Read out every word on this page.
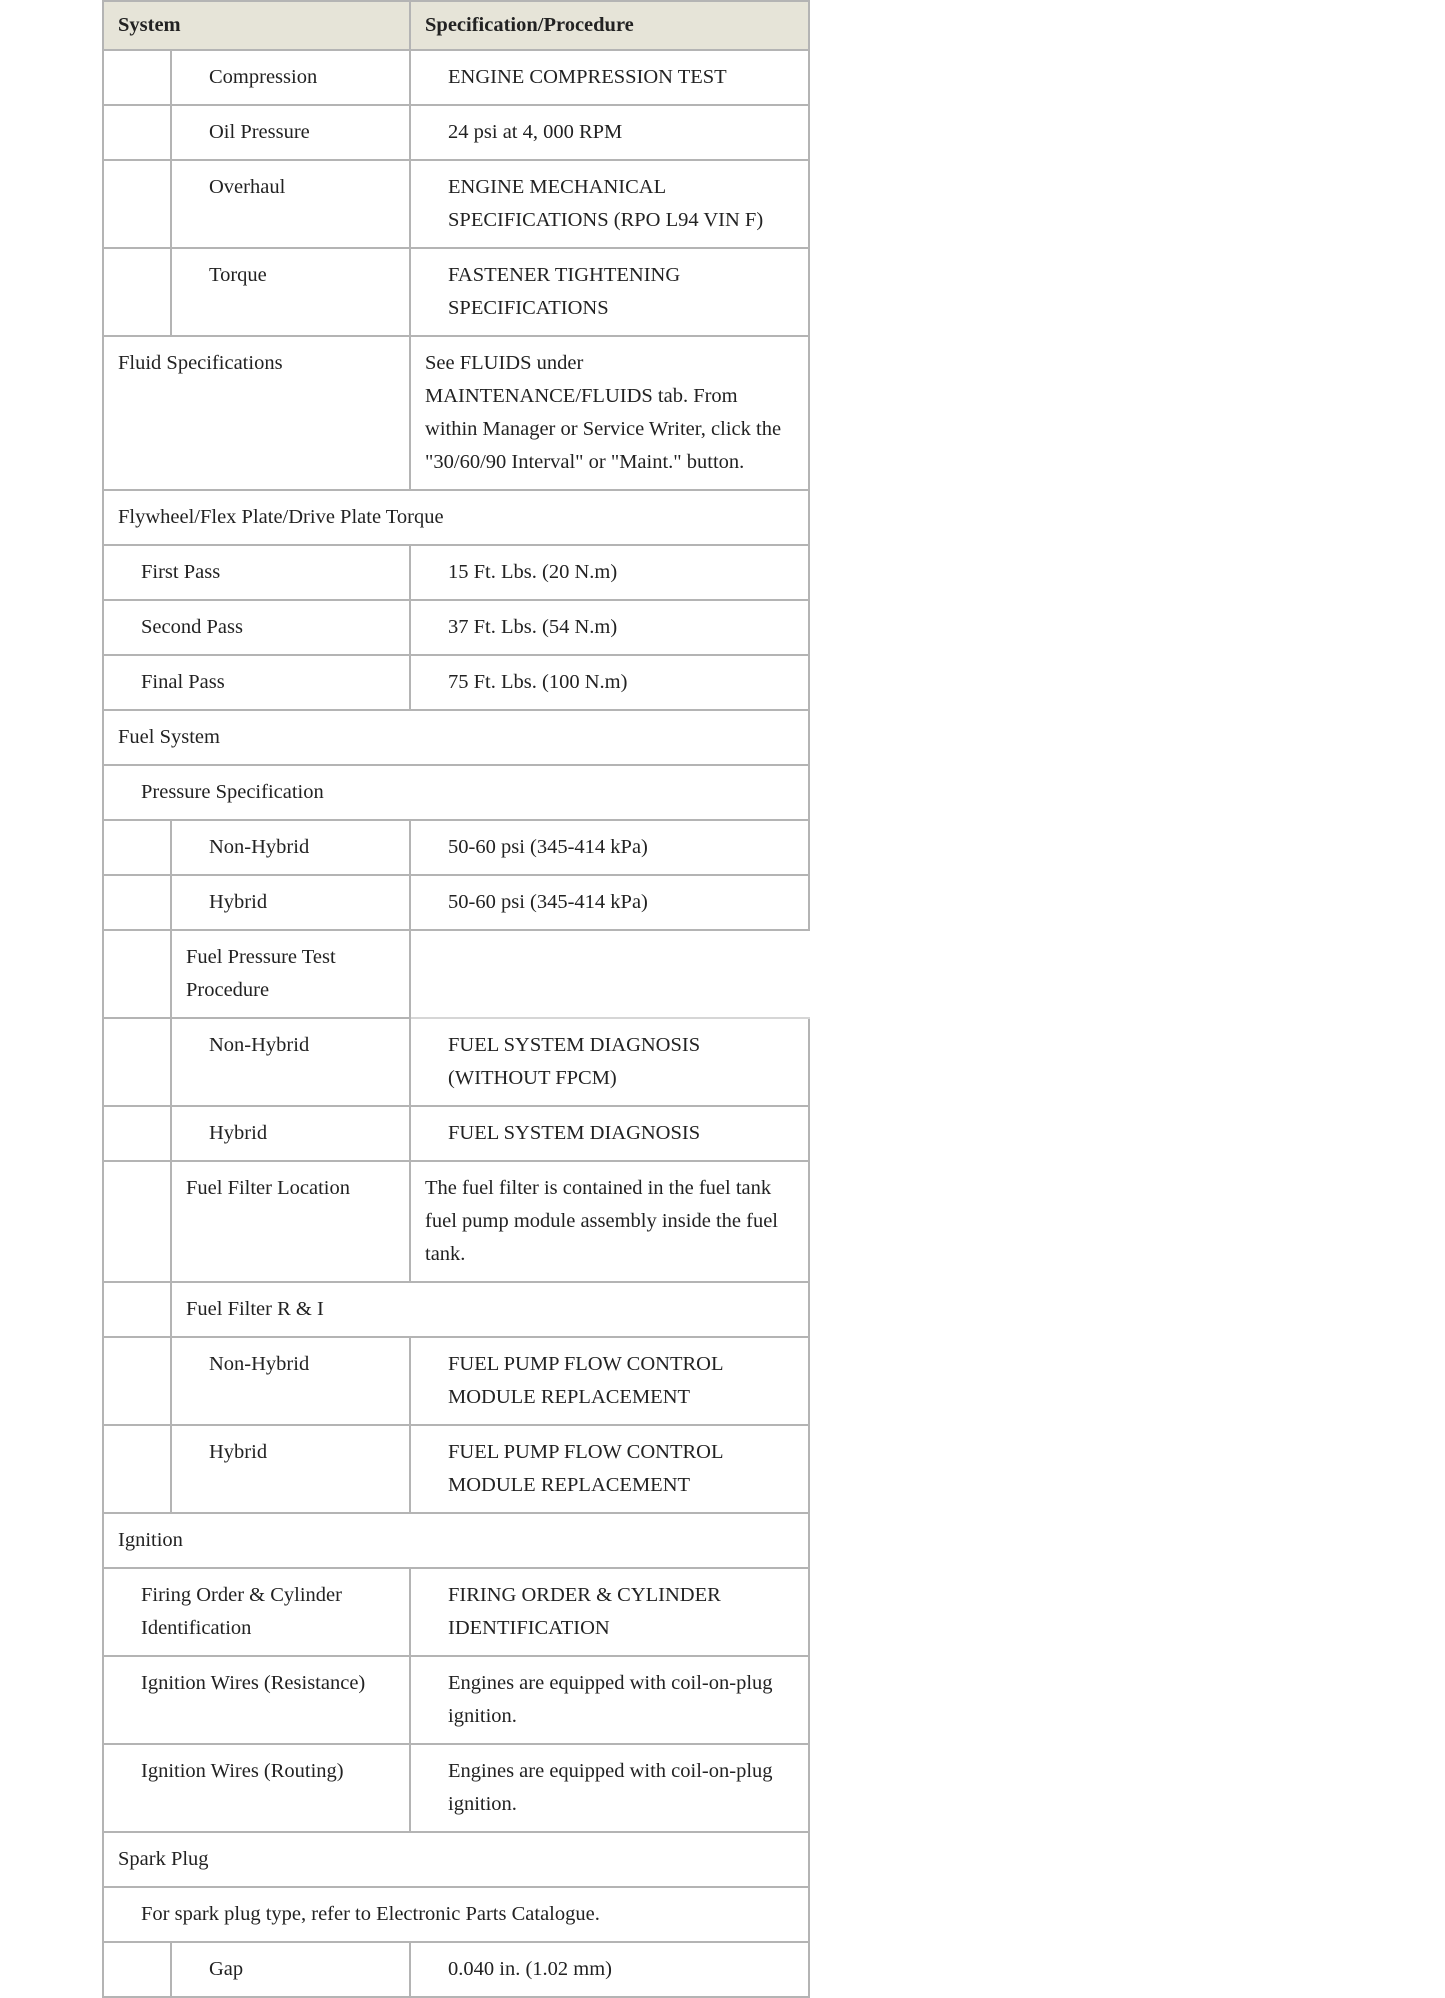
System		Specification/Procedure
	Compression	ENGINE COMPRESSION TEST
	Oil Pressure	24 psi at 4, 000 RPM
	Overhaul	ENGINE MECHANICAL SPECIFICATIONS (RPO L94 VIN F)
	Torque	FASTENER TIGHTENING SPECIFICATIONS
Fluid Specifications		See FLUIDS under MAINTENANCE/FLUIDS tab. From within Manager or Service Writer, click the "30/60/90 Interval" or "Maint." button.
Flywheel/Flex Plate/Drive Plate Torque		
First Pass		15 Ft. Lbs. (20 N.m)
Second Pass		37 Ft. Lbs. (54 N.m)
Final Pass		75 Ft. Lbs. (100 N.m)
Fuel System		
Pressure Specification		
	Non-Hybrid	50-60 psi (345-414 kPa)
	Hybrid	50-60 psi (345-414 kPa)
	Fuel Pressure Test Procedure	
	Non-Hybrid	FUEL SYSTEM DIAGNOSIS (WITHOUT FPCM)
	Hybrid	FUEL SYSTEM DIAGNOSIS
	Fuel Filter Location	The fuel filter is contained in the fuel tank fuel pump module assembly inside the fuel tank.
	Fuel Filter R & I	
	Non-Hybrid	FUEL PUMP FLOW CONTROL MODULE REPLACEMENT
	Hybrid	FUEL PUMP FLOW CONTROL MODULE REPLACEMENT
Ignition		
Firing Order & Cylinder Identification		FIRING ORDER & CYLINDER IDENTIFICATION
Ignition Wires (Resistance)		Engines are equipped with coil-on-plug ignition.
Ignition Wires (Routing)		Engines are equipped with coil-on-plug ignition.
Spark Plug		
For spark plug type, refer to Electronic Parts Catalogue.		
	Gap	0.040 in. (1.02 mm)
